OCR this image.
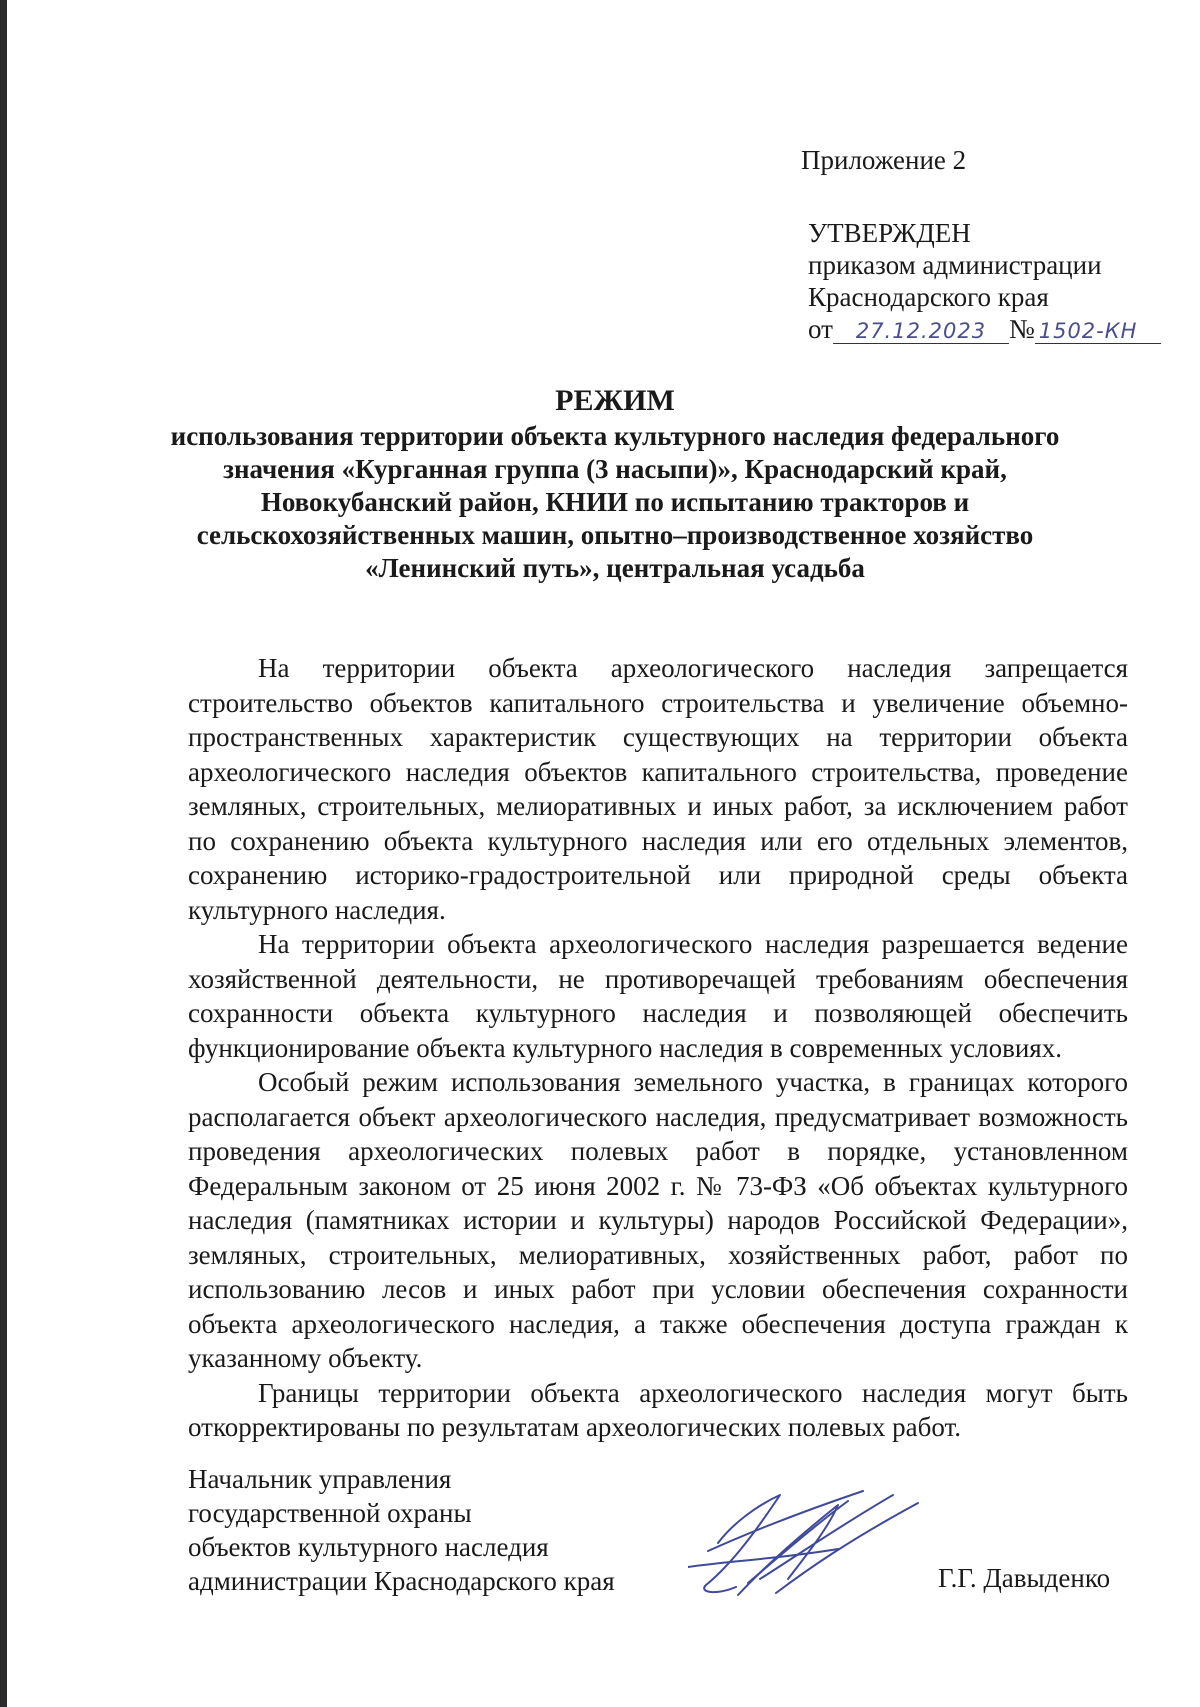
Приложение 2
УТВЕРЖДЕН
приказом администрации
Краснодарского края
от 27.12.2023 № 1502-КН
РЕЖИМ
использования территории объекта культурного наследия федерального
значения «Курганная группа (3 насыпи)», Краснодарский край,
Новокубанский район, КНИИ по испытанию тракторов и
сельскохозяйственных машин, опытно–производственное хозяйство
«Ленинский путь», центральная усадьба

На территории объекта археологического наследия запрещается строительство объектов капитального строительства и увеличение объемно-пространственных характеристик существующих на территории объекта археологического наследия объектов капитального строительства, проведение земляных, строительных, мелиоративных и иных работ, за исключением работ по сохранению объекта культурного наследия или его отдельных элементов, сохранению историко-градостроительной или природной среды объекта культурного наследия.

На территории объекта археологического наследия разрешается ведение хозяйственной деятельности, не противоречащей требованиям обеспечения сохранности объекта культурного наследия и позволяющей обеспечить функционирование объекта культурного наследия в современных условиях.

Особый режим использования земельного участка, в границах которого располагается объект археологического наследия, предусматривает возможность проведения археологических полевых работ в порядке, установленном Федеральным законом от 25 июня 2002 г. № 73-ФЗ «Об объектах культурного наследия (памятниках истории и культуры) народов Российской Федерации», земляных, строительных, мелиоративных, хозяйственных работ, работ по использованию лесов и иных работ при условии обеспечения сохранности объекта археологического наследия, а также обеспечения доступа граждан к указанному объекту.

Границы территории объекта археологического наследия могут быть откорректированы по результатам археологических полевых работ.

Начальник управления
государственной охраны
объектов культурного наследия
администрации Краснодарского края	Г.Г. Давыденко
